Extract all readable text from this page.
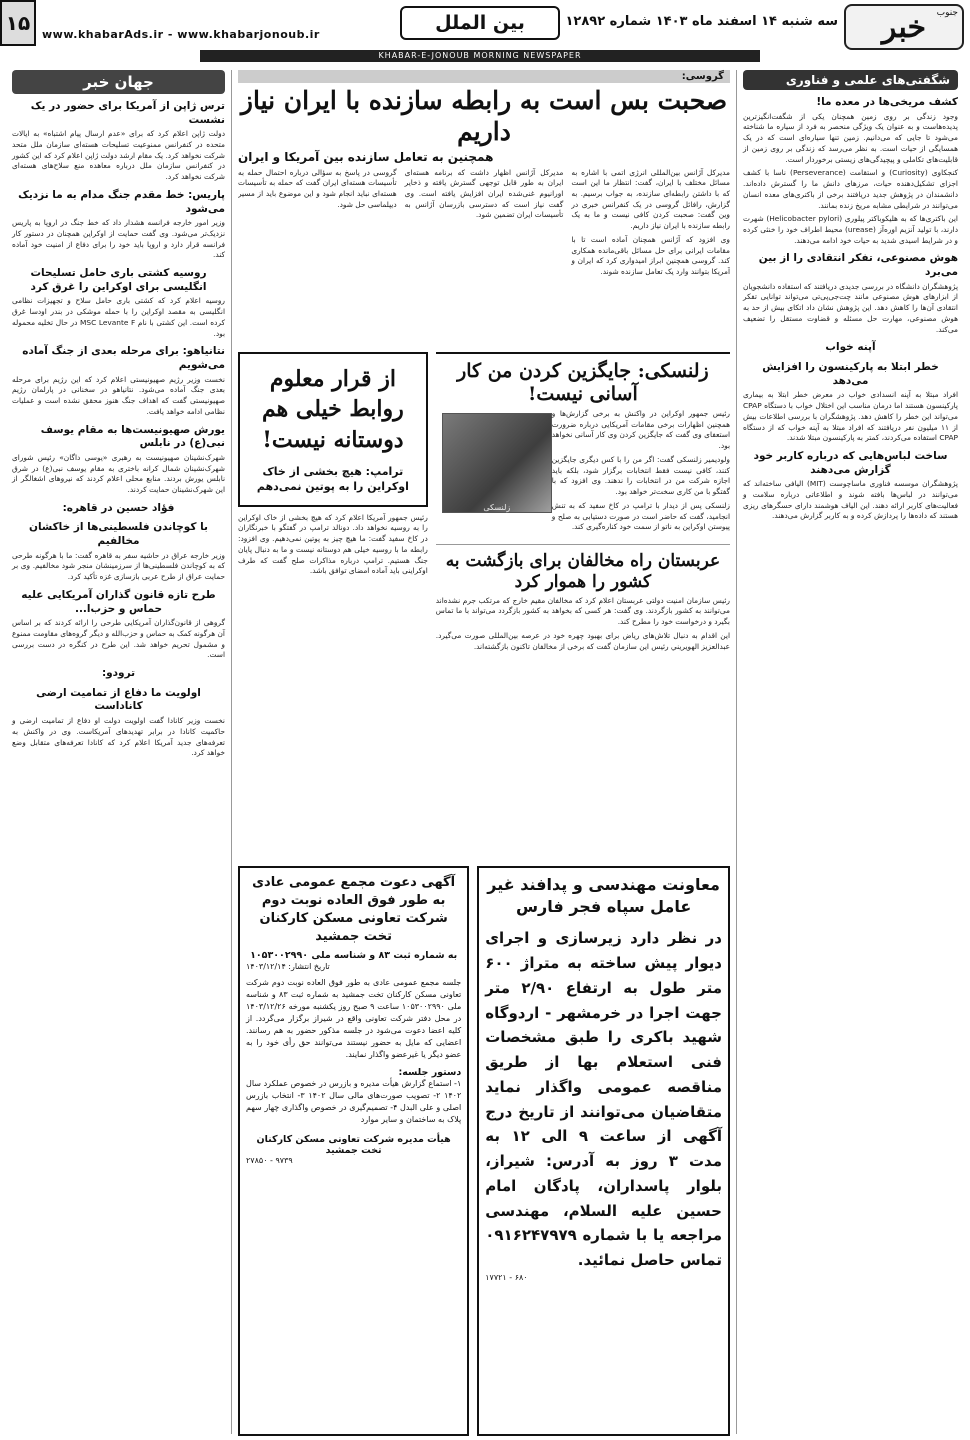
جنوب
خبر
سه شنبه ۱۴ اسفند ماه ۱۴۰۳ شماره ۱۲۸۹۲
بین الملل
www.khabarAds.ir - www.khabarjonoub.ir
۱۵
KHABAR-E-JONOUB MORNING NEWSPAPER
شگفتی‌های علمی و فناوری
کشف مریخی‌ها در معده ما!

وجود زندگی بر روی زمین همچنان یکی از شگفت‌انگیزترین پدیده‌هاست و به عنوان یک ویژگی منحصر به فرد از سیاره ما شناخته می‌شود تا جایی که می‌دانیم. زمین تنها سیاره‌ای است که در یک همسایگی از حیات است. به نظر می‌رسد که زندگی بر روی زمین از قابلیت‌های تکاملی و پیچیدگی‌های زیستی برخوردار است.

کنجکاوی (Curiosity) و استقامت (Perseverance) ناسا با کشف اجزای تشکیل‌دهنده حیات، مرزهای دانش ما را گسترش داده‌اند. دانشمندان در پژوهش جدید دریافتند برخی از باکتری‌های معده انسان می‌توانند در شرایطی مشابه مریخ زنده بمانند.

این باکتری‌ها که به هلیکوباکتر پیلوری (Helicobacter pylori) شهرت دارند، با تولید آنزیم اوره‌آز (urease) محیط اطراف خود را خنثی کرده و در شرایط اسیدی شدید به حیات خود ادامه می‌دهند.

هوش مصنوعی، تفکر انتقادی را از بین می‌برد

پژوهشگران دانشگاه در بررسی جدیدی دریافتند که استفاده دانشجویان از ابزارهای هوش مصنوعی مانند چت‌جی‌پی‌تی می‌تواند توانایی تفکر انتقادی آن‌ها را کاهش دهد. این پژوهش نشان داد اتکای بیش از حد به هوش مصنوعی، مهارت حل مسئله و قضاوت مستقل را تضعیف می‌کند.

آپنه خواب
خطر ابتلا به پارکینسون را افزایش می‌دهد

افراد مبتلا به آپنه انسدادی خواب در معرض خطر ابتلا به بیماری پارکینسون هستند اما درمان مناسب این اختلال خواب با دستگاه CPAP می‌تواند این خطر را کاهش دهد. پژوهشگران با بررسی اطلاعات بیش از ۱۱ میلیون نفر دریافتند که افراد مبتلا به آپنه خواب که از دستگاه CPAP استفاده می‌کردند، کمتر به پارکینسون مبتلا شدند.

ساخت لباس‌هایی که درباره کاربر خود گزارش می‌دهند

پژوهشگران موسسه فناوری ماساچوست (MIT) الیافی ساخته‌اند که می‌توانند در لباس‌ها بافته شوند و اطلاعاتی درباره سلامت و فعالیت‌های کاربر ارائه دهند. این الیاف هوشمند دارای حسگرهای ریزی هستند که داده‌ها را پردازش کرده و به کاربر گزارش می‌دهند.

جهان خبر
ترس ژاپن از آمریکا برای حضور در یک نشست

دولت ژاپن اعلام کرد که برای «عدم ارسال پیام اشتباه» به ایالات متحده در کنفرانس ممنوعیت تسلیحات هسته‌ای سازمان ملل متحد شرکت نخواهد کرد. یک مقام ارشد دولت ژاپن اعلام کرد که این کشور در کنفرانس سازمان ملل درباره معاهده منع سلاح‌های هسته‌ای شرکت نخواهد کرد.

پاریس: خط مقدم جنگ مدام به ما نزدیک می‌شود

وزیر امور خارجه فرانسه هشدار داد که خط جنگ در اروپا به پاریس نزدیک‌تر می‌شود. وی گفت حمایت از اوکراین همچنان در دستور کار فرانسه قرار دارد و اروپا باید خود را برای دفاع از امنیت خود آماده کند.

روسیه کشتی باری حامل تسلیحات انگلیسی برای اوکراین را غرق کرد

روسیه اعلام کرد که کشتی باری حامل سلاح و تجهیزات نظامی انگلیسی به مقصد اوکراین را با حمله موشکی در بندر اودسا غرق کرده است. این کشتی با نام MSC Levante F در حال تخلیه محموله بود.

نتانیاهو: برای مرحله بعدی از جنگ آماده می‌شویم

نخست وزیر رژیم صهیونیستی اعلام کرد که این رژیم برای مرحله بعدی جنگ آماده می‌شود. نتانیاهو در سخنانی در پارلمان رژیم صهیونیستی گفت که اهداف جنگ هنوز محقق نشده است و عملیات نظامی ادامه خواهد یافت.

یورش صهیونیست‌ها به مقام یوسف نبی(ع) در نابلس

شهرک‌نشینان صهیونیست به رهبری «یوسی داگان» رئیس شورای شهرک‌نشینان شمال کرانه باختری به مقام یوسف نبی(ع) در شرق نابلس یورش بردند. منابع محلی اعلام کردند که نیروهای اشغالگر از این شهرک‌نشینان حمایت کردند.

فؤاد حسین در قاهره:
با کوچاندن فلسطینی‌ها از خاکشان مخالفیم

وزیر خارجه عراق در حاشیه سفر به قاهره گفت: ما با هرگونه طرحی که به کوچاندن فلسطینی‌ها از سرزمینشان منجر شود مخالفیم. وی بر حمایت عراق از طرح عربی بازسازی غزه تأکید کرد.

طرح تازه قانون گذاران آمریکایی علیه حماس و حزب‌ا...

گروهی از قانون‌گذاران آمریکایی طرحی را ارائه کردند که بر اساس آن هرگونه کمک به حماس و حزب‌الله و دیگر گروه‌های مقاومت ممنوع و مشمول تحریم خواهد شد. این طرح در کنگره در دست بررسی است.

ترودو:
اولویت ما دفاع از تمامیت ارضی کاناداست

نخست وزیر کانادا گفت اولویت دولت او دفاع از تمامیت ارضی و حاکمیت کانادا در برابر تهدیدهای آمریکاست. وی در واکنش به تعرفه‌های جدید آمریکا اعلام کرد که کانادا تعرفه‌های متقابل وضع خواهد کرد.

گروسی:
صحبت بس است به رابطه سازنده با ایران نیاز داریم
همچنین به تعامل سازنده بین آمریکا و ایران

مدیرکل آژانس بین‌المللی انرژی اتمی با اشاره به مسائل مختلف با ایران، گفت: انتظار ما این است که با داشتن رابطه‌ای سازنده، به جواب برسیم. به گزارش، رافائل گروسی در یک کنفرانس خبری در وین گفت: صحبت کردن کافی نیست و ما به یک رابطه سازنده با ایران نیاز داریم.

وی افزود که آژانس همچنان آماده است تا با مقامات ایرانی برای حل مسائل باقی‌مانده همکاری کند. گروسی همچنین ابراز امیدواری کرد که ایران و آمریکا بتوانند وارد یک تعامل سازنده شوند.

مدیرکل آژانس اظهار داشت که برنامه هسته‌ای ایران به طور قابل توجهی گسترش یافته و ذخایر اورانیوم غنی‌شده ایران افزایش یافته است. وی گفت نیاز است که دسترسی بازرسان آژانس به تأسیسات ایران تضمین شود.

گروسی در پاسخ به سؤالی درباره احتمال حمله به تأسیسات هسته‌ای ایران گفت که حمله به تأسیسات هسته‌ای نباید انجام شود و این موضوع باید از مسیر دیپلماسی حل شود.

زلنسکی: جایگزین کردن من کار آسانی نیست!
زلنسکی

رئیس جمهور اوکراین در واکنش به برخی گزارش‌ها و همچنین اظهارات برخی مقامات آمریکایی درباره ضرورت استعفای وی گفت که جایگزین کردن وی کار آسانی نخواهد بود.

ولودیمیر زلنسکی گفت: اگر من را با کس دیگری جایگزین کنند، کافی نیست فقط انتخابات برگزار شود، بلکه باید اجازه شرکت من در انتخابات را ندهند. وی افزود که با گفتگو با من کاری سخت‌تر خواهد بود.

زلنسکی پس از دیدار با ترامپ در کاخ سفید که به تنش انجامید، گفت که حاضر است در صورت دستیابی به صلح و پیوستن اوکراین به ناتو از سمت خود کناره‌گیری کند.

عربستان راه مخالفان برای بازگشت به کشور را هموار کرد

رئیس سازمان امنیت دولتی عربستان اعلام کرد که مخالفان مقیم خارج که مرتکب جرم نشده‌اند می‌توانند به کشور بازگردند. وی گفت: هر کسی که بخواهد به کشور بازگردد می‌تواند با ما تماس بگیرد و درخواست خود را مطرح کند.

این اقدام به دنبال تلاش‌های ریاض برای بهبود چهره خود در عرصه بین‌المللی صورت می‌گیرد. عبدالعزیز الهویریني رئیس این سازمان گفت که برخی از مخالفان تاکنون بازگشته‌اند.

از قرار معلوم روابط خیلی هم دوستانه نیست!
ترامپ: هیچ بخشی از خاک اوکراین را به پوتین نمی‌دهم

رئیس جمهور آمریکا اعلام کرد که هیچ بخشی از خاک اوکراین را به روسیه نخواهد داد. دونالد ترامپ در گفتگو با خبرنگاران در کاخ سفید گفت: ما هیچ چیز به پوتین نمی‌دهیم. وی افزود: رابطه ما با روسیه خیلی هم دوستانه نیست و ما به دنبال پایان جنگ هستیم. ترامپ درباره مذاکرات صلح گفت که طرف اوکراینی باید آماده امضای توافق باشد.

معاونت مهندسی و پدافند غیر عامل سپاه فجر فارس

در نظر دارد زیرسازی و اجرای دیوار پیش ساخته به متراژ ۶۰۰ متر طول به ارتفاع ۲/۹۰ متر جهت اجرا در خرمشهر - اردوگاه شهید باکری را طبق مشخصات فنی استعلام بها از طریق مناقصه عمومی واگذار نماید متقاضیان می‌توانند از تاریخ درج آگهی از ساعت ۹ الی ۱۲ به مدت ۳ روز به آدرس: شیراز، بلوار پاسداران، پادگان امام حسین علیه السلام، مهندسی مراجعه یا با شماره ۰۹۱۶۲۴۷۹۷۹ تماس حاصل نمائید.

۱۷۷۲۱ - ۶۸۰
آگهی دعوت مجمع عمومی عادی به طور فوق العاده نوبت دوم شرکت تعاونی مسکن کارکنان تخت جمشید
به شماره ثبت ۸۳ و شناسه ملی ۱۰۵۳۰۰۲۹۹۰
تاریخ انتشار: ۱۴۰۳/۱۲/۱۴

جلسه مجمع عمومی عادی به طور فوق العاده نوبت دوم شرکت تعاونی مسکن کارکنان تخت جمشید به شماره ثبت ۸۳ و شناسه ملی ۱۰۵۳۰۰۲۹۹۰ ساعت ۹ صبح روز یکشنبه مورخه ۱۴۰۳/۱۲/۲۶ در محل دفتر شرکت تعاونی واقع در شیراز برگزار می‌گردد. از کلیه اعضا دعوت می‌شود در جلسه مذکور حضور به هم رسانند. اعضایی که مایل به حضور نیستند می‌توانند حق رأی خود را به عضو دیگر یا غیرعضو واگذار نمایند.

دستور جلسه:

۱- استماع گزارش هیأت مدیره و بازرس در خصوص عملکرد سال ۱۴۰۲ ۲- تصویب صورت‌های مالی سال ۱۴۰۲ ۳- انتخاب بازرس اصلی و علی البدل ۴- تصمیم‌گیری در خصوص واگذاری چهار سهم پلاک به ساختمان و سایر موارد

هیأت مدیره شرکت تعاونی مسکن کارکنان تخت جمشید
۲۷۸۵۰ - ۹۷۳۹
